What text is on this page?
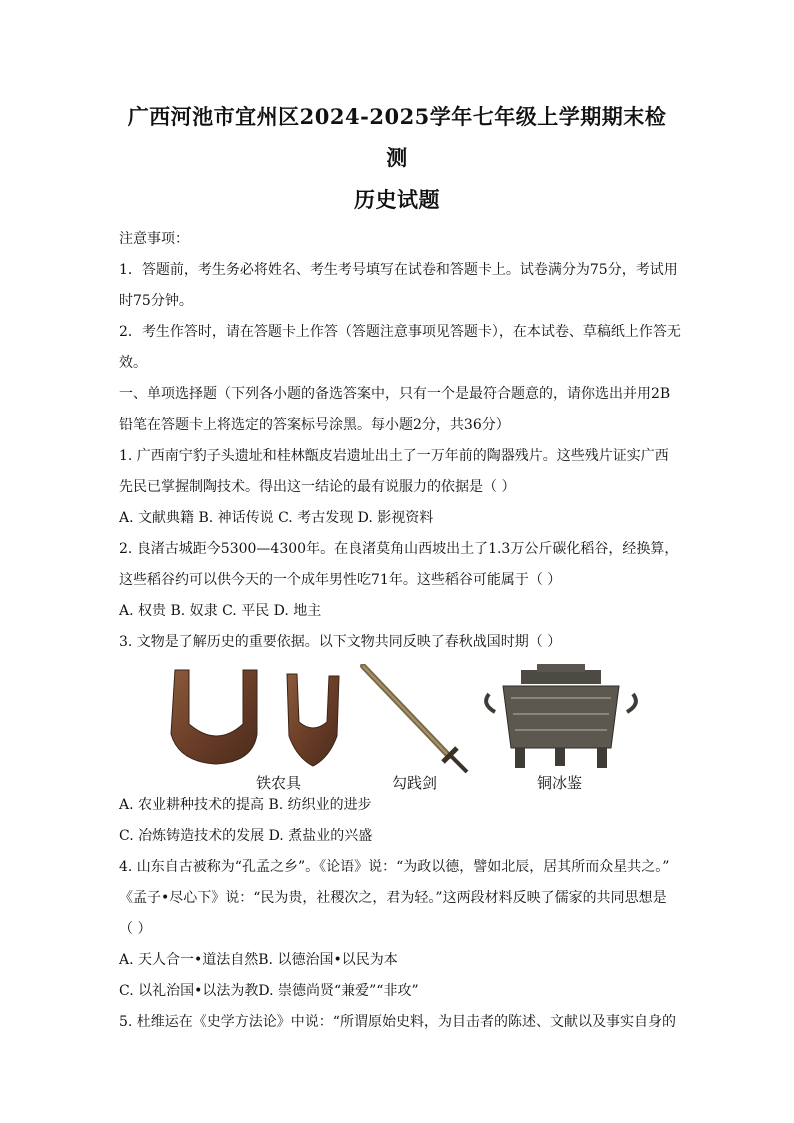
广西河池市宜州区2024-2025学年七年级上学期期末检测
历史试题
注意事项：
1．答题前，考生务必将姓名、考生考号填写在试卷和答题卡上。试卷满分为75分，考试用
时75分钟。
2．考生作答时，请在答题卡上作答（答题注意事项见答题卡），在本试卷、草稿纸上作答无
效。
一、单项选择题（下列各小题的备选答案中，只有一个是最符合题意的，请你选出并用2B
铅笔在答题卡上将选定的答案标号涂黑。每小题2分，共36分）
1. 广西南宁豹子头遗址和桂林甑皮岩遗址出土了一万年前的陶器残片。这些残片证实广西
先民已掌握制陶技术。得出这一结论的最有说服力的依据是（ ）
A. 文献典籍 B. 神话传说 C. 考古发现 D. 影视资料
2. 良渚古城距今5300—4300年。在良渚莫角山西坡出土了1.3万公斤碳化稻谷，经换算，
这些稻谷约可以供今天的一个成年男性吃71年。这些稻谷可能属于（ ）
A. 权贵 B. 奴隶 C. 平民 D. 地主
3. 文物是了解历史的重要依据。以下文物共同反映了春秋战国时期（ ）
铁农具	勾践剑	铜冰鉴
A. 农业耕种技术的提高 B. 纺织业的进步
C. 冶炼铸造技术的发展 D. 煮盐业的兴盛
4. 山东自古被称为“孔孟之乡”。《论语》说：“为政以德，譬如北辰，居其所而众星共之。”
《孟子•尽心下》说：“民为贵，社稷次之，君为轻。”这两段材料反映了儒家的共同思想是
（ ）
A. 天人合一•道法自然B. 以德治国•以民为本
C. 以礼治国•以法为教D. 崇德尚贤“兼爱”“非攻”
5. 杜维运在《史学方法论》中说：“所谓原始史料，为目击者的陈述、文献以及事实自身的
